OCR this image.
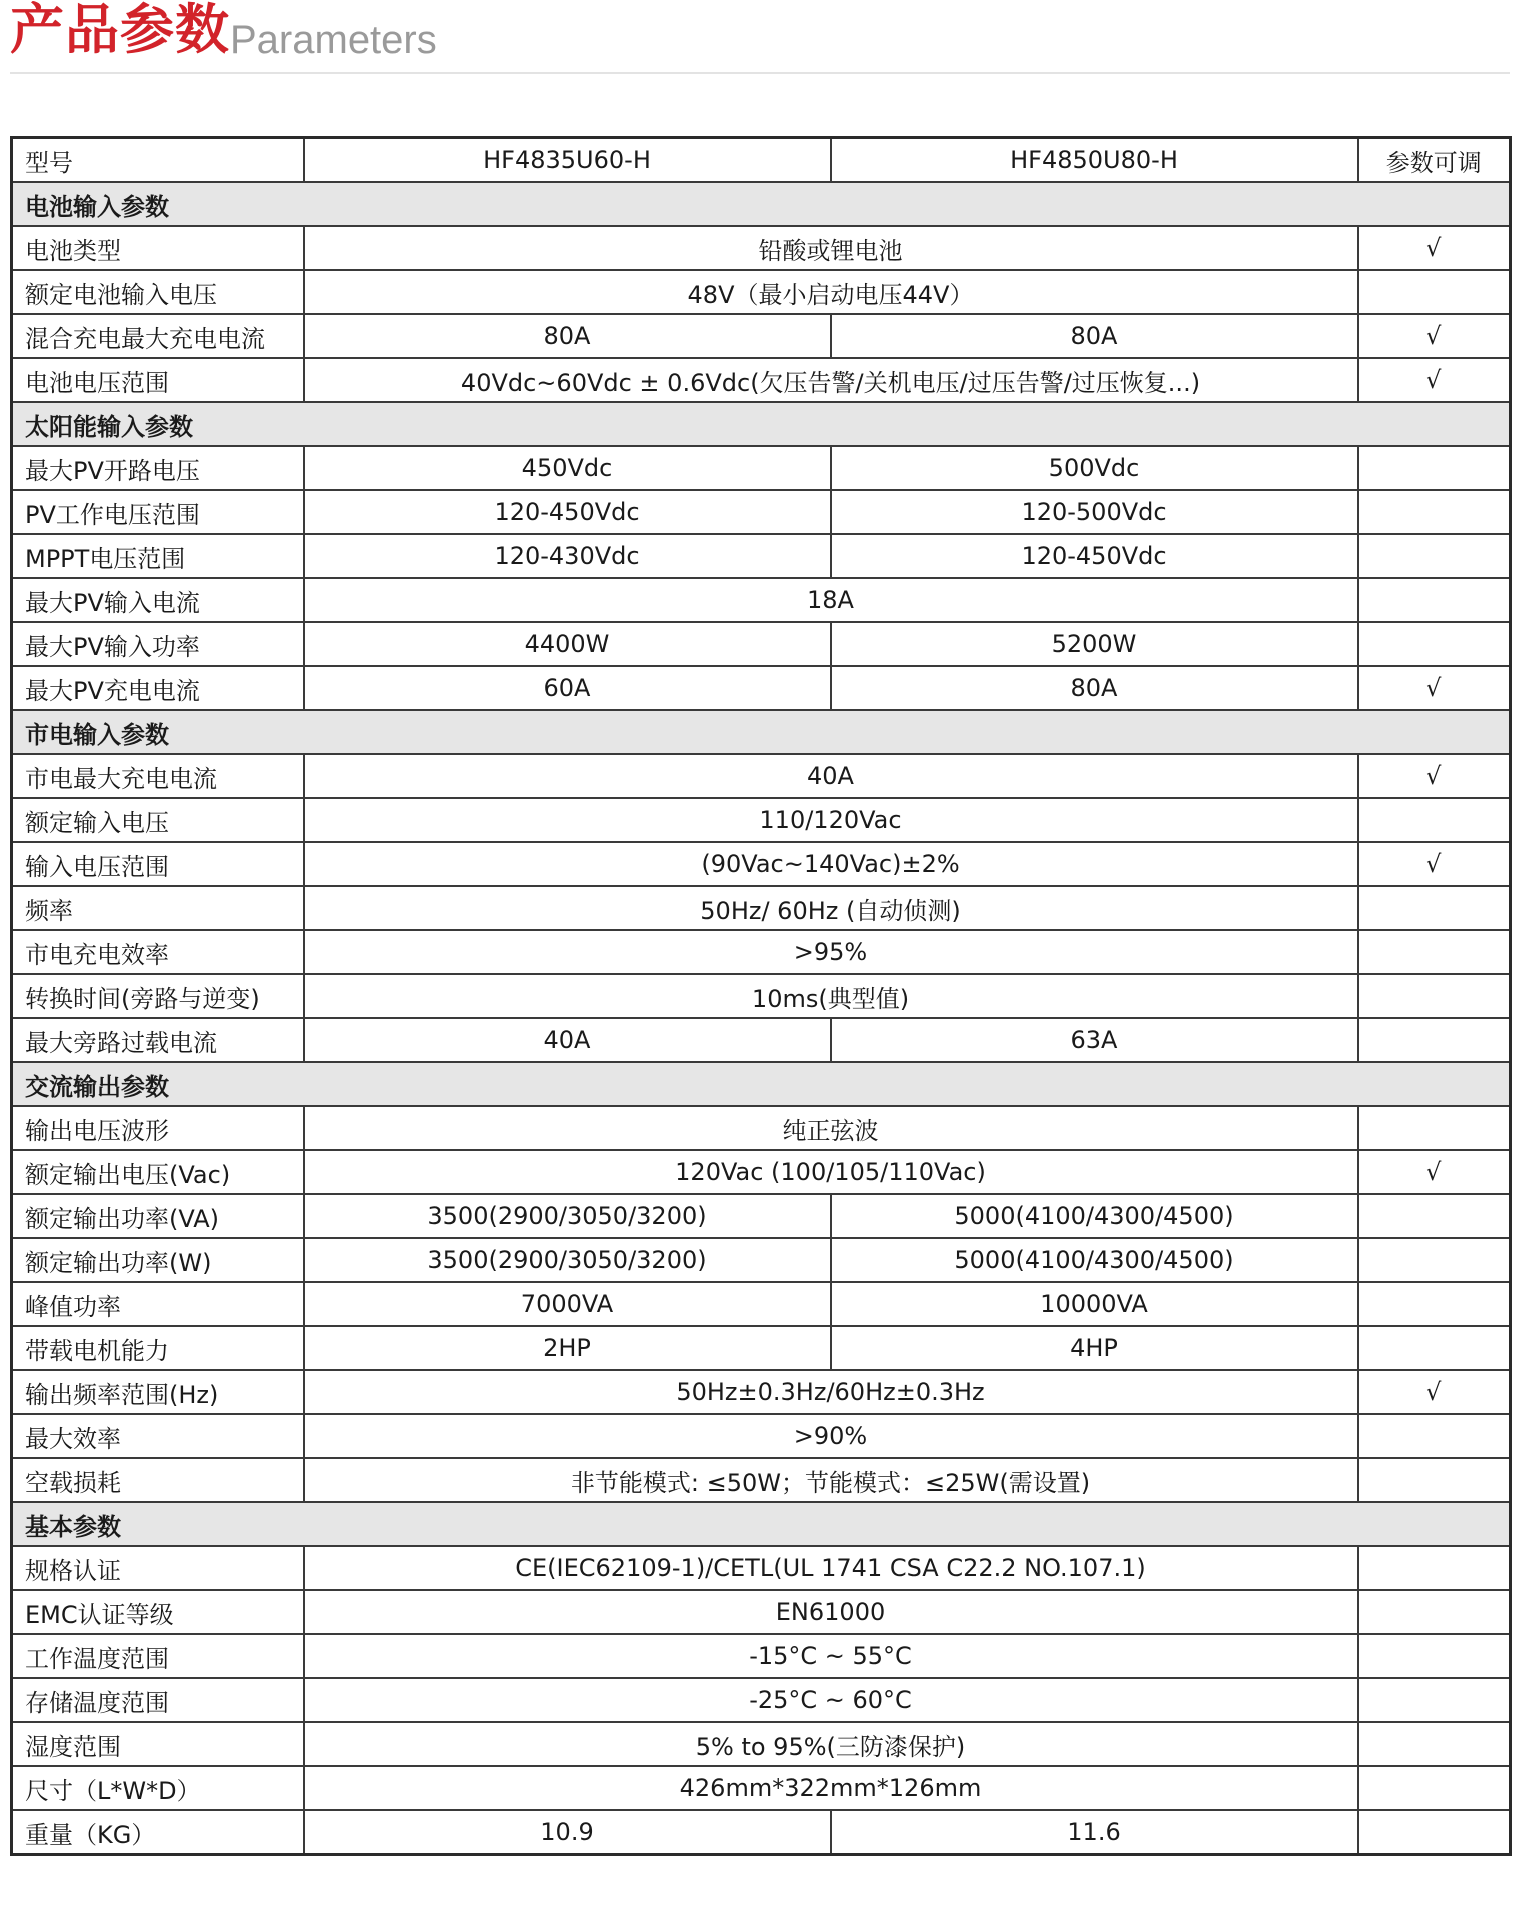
产品参数 Parameters
型号	HF4835U60-H	HF4850U80-H	参数可调
电池输入参数			
电池类型	铅酸或锂电池		√
额定电池输入电压	48V（最小启动电压44V）		
混合充电最大充电电流	80A	80A	√
电池电压范围	40Vdc~60Vdc ± 0.6Vdc(欠压告警/关机电压/过压告警/过压恢复...)		√
太阳能输入参数			
最大PV开路电压	450Vdc	500Vdc	
PV工作电压范围	120-450Vdc	120-500Vdc	
MPPT电压范围	120-430Vdc	120-450Vdc	
最大PV输入电流	18A		
最大PV输入功率	4400W	5200W	
最大PV充电电流	60A	80A	√
市电输入参数			
市电最大充电电流	40A		√
额定输入电压	110/120Vac		
输入电压范围	(90Vac~140Vac)±2%		√
频率	50Hz/ 60Hz (自动侦测)		
市电充电效率	>95%		
转换时间(旁路与逆变)	10ms(典型值)		
最大旁路过载电流	40A	63A	
交流输出参数			
输出电压波形	纯正弦波		
额定输出电压(Vac)	120Vac (100/105/110Vac)		√
额定输出功率(VA)	3500(2900/3050/3200)	5000(4100/4300/4500)	
额定输出功率(W)	3500(2900/3050/3200)	5000(4100/4300/4500)	
峰值功率	7000VA	10000VA	
带载电机能力	2HP	4HP	
输出频率范围(Hz)	50Hz±0.3Hz/60Hz±0.3Hz		√
最大效率	>90%		
空载损耗	非节能模式: ≤50W；节能模式：≤25W(需设置)		
基本参数			
规格认证	CE(IEC62109-1)/CETL(UL 1741 CSA C22.2 NO.107.1)		
EMC认证等级	EN61000		
工作温度范围	-15°C ~ 55°C		
存储温度范围	-25°C ~ 60°C		
湿度范围	5% to 95%(三防漆保护)		
尺寸（L*W*D）	426mm*322mm*126mm		
重量（KG）	10.9	11.6	
